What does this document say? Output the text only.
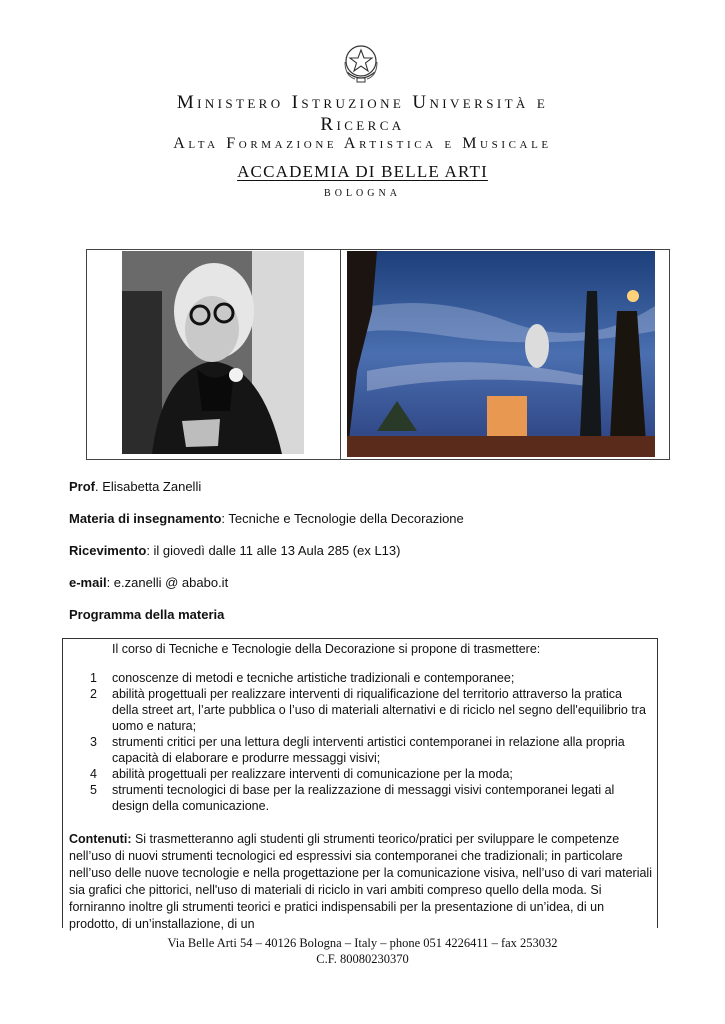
Ministero Istruzione Università e
Ricerca
Alta Formazione Artistica e Musicale
ACCADEMIA DI BELLE ARTI
BOLOGNA
Prof. Elisabetta Zanelli
Materia di insegnamento: Tecniche e Tecnologie della Decorazione
Ricevimento: il giovedì dalle 11 alle 13 Aula 285 (ex L13)
e-mail: e.zanelli @ ababo.it
Programma della materia
Il corso di Tecniche e Tecnologie della Decorazione si propone di trasmettere:
1	conoscenze di metodi e tecniche artistiche tradizionali e contemporanee;
2	abilità progettuali per realizzare interventi di riqualificazione del territorio attraverso la pratica della street art, l’arte pubblica o l’uso di materiali alternativi e di riciclo nel segno dell'equilibrio tra uomo e natura;
3	strumenti critici per una lettura degli interventi artistici contemporanei in relazione alla propria capacità di elaborare e produrre messaggi visivi;
4	abilità progettuali per realizzare interventi di comunicazione per la moda;
5	strumenti tecnologici di base per la realizzazione di messaggi visivi contemporanei legati al design della comunicazione.
Contenuti: Si trasmetteranno agli studenti gli strumenti teorico/pratici per sviluppare le competenze nell’uso di nuovi strumenti tecnologici ed espressivi sia contemporanei che tradizionali; in particolare nell’uso delle nuove tecnologie e nella progettazione per la comunicazione visiva, nell’uso di vari materiali sia grafici che pittorici, nell'uso di materiali di riciclo in vari ambiti compreso quello della moda. Si forniranno inoltre gli strumenti teorici e pratici indispensabili per la presentazione di un’idea, di un prodotto, di un’installazione, di un
Via Belle Arti 54 – 40126 Bologna – Italy – phone 051 4226411 – fax 253032
C.F. 80080230370
